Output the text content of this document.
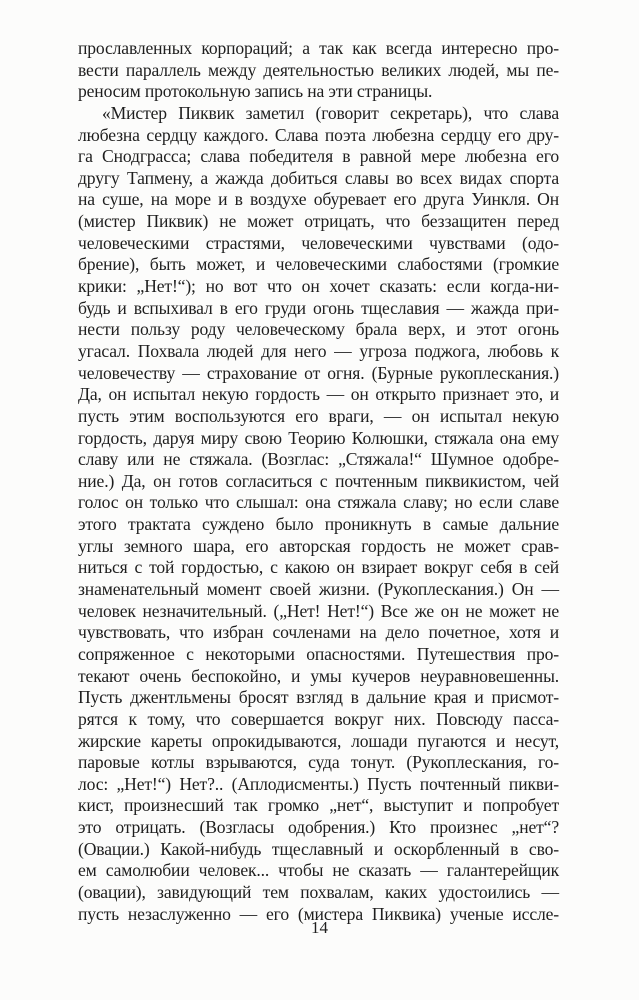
прославленных корпораций; а так как всегда интересно про-
вести параллель между деятельностью великих людей, мы пе-
реносим протокольную запись на эти страницы.
«Мистер Пиквик заметил (говорит секретарь), что слава
любезна сердцу каждого. Слава поэта любезна сердцу его дру-
га Снодграсса; слава победителя в равной мере любезна его
другу Тапмену, а жажда добиться славы во всех видах спорта
на суше, на море и в воздухе обуревает его друга Уинкля. Он
(мистер Пиквик) не может отрицать, что беззащитен перед
человеческими страстями, человеческими чувствами (одо-
брение), быть может, и человеческими слабостями (громкие
крики: „Нет!“); но вот что он хочет сказать: если когда-ни-
будь и вспыхивал в его груди огонь тщеславия — жажда при-
нести пользу роду человеческому брала верх, и этот огонь
угасал. Похвала людей для него — угроза поджога, любовь к
человечеству — страхование от огня. (Бурные рукоплескания.)
Да, он испытал некую гордость — он открыто признает это, и
пусть этим воспользуются его враги, — он испытал некую
гордость, даруя миру свою Теорию Колюшки, стяжала она ему
славу или не стяжала. (Возглас: „Стяжала!“ Шумное одобре-
ние.) Да, он готов согласиться с почтенным пиквикистом, чей
голос он только что слышал: она стяжала славу; но если славе
этого трактата суждено было проникнуть в самые дальние
углы земного шара, его авторская гордость не может срав-
ниться с той гордостью, с какою он взирает вокруг себя в сей
знаменательный момент своей жизни. (Рукоплескания.) Он —
человек незначительный. („Нет! Нет!“) Все же он не может не
чувствовать, что избран сочленами на дело почетное, хотя и
сопряженное с некоторыми опасностями. Путешествия про-
текают очень беспокойно, и умы кучеров неуравновешенны.
Пусть джентльмены бросят взгляд в дальние края и присмот-
рятся к тому, что совершается вокруг них. Повсюду пасса-
жирские кареты опрокидываются, лошади пугаются и несут,
паровые котлы взрываются, суда тонут. (Рукоплескания, го-
лос: „Нет!“) Нет?.. (Аплодисменты.) Пусть почтенный пикви-
кист, произнесший так громко „нет“, выступит и попробует
это отрицать. (Возгласы одобрения.) Кто произнес „нет“?
(Овации.) Какой-нибудь тщеславный и оскорбленный в сво-
ем самолюбии человек... чтобы не сказать — галантерейщик
(овации), завидующий тем похвалам, каких удостоились —
пусть незаслуженно — его (мистера Пиквика) ученые иссле-
14
